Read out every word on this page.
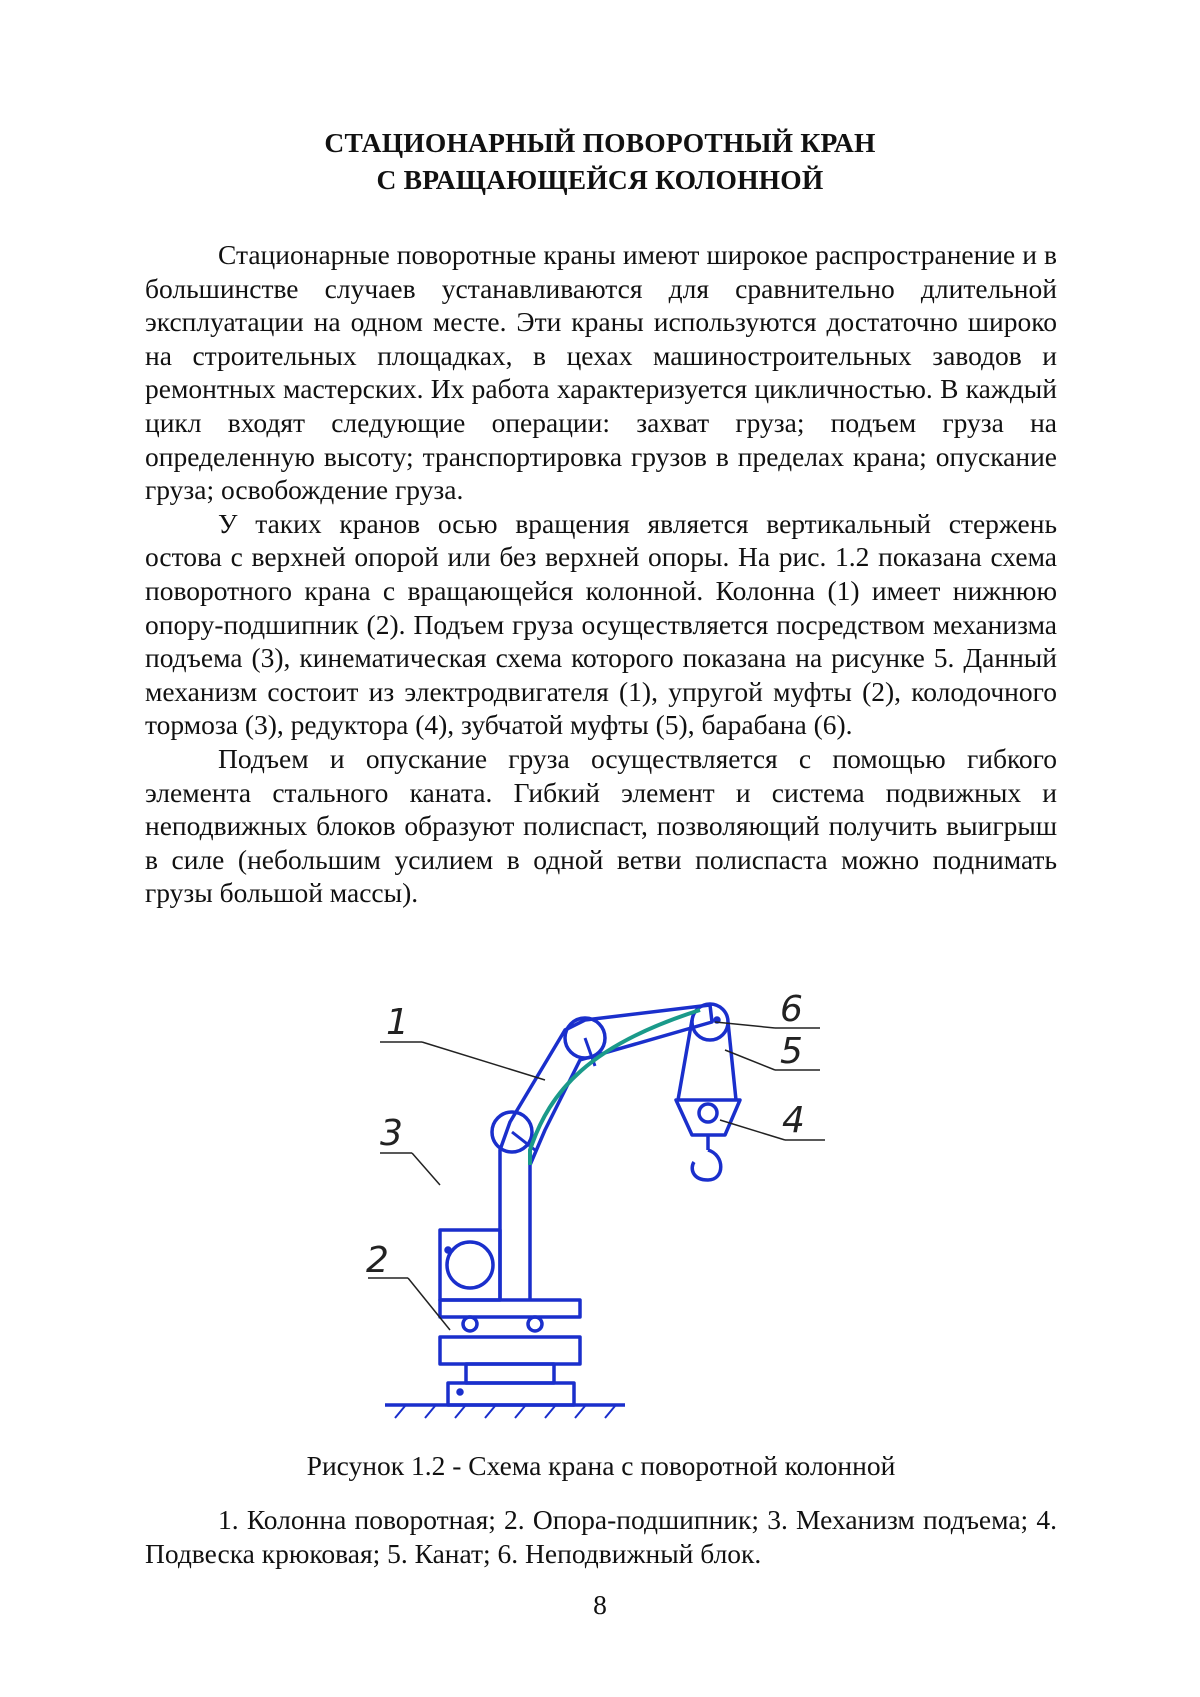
СТАЦИОНАРНЫЙ ПОВОРОТНЫЙ КРАН
С ВРАЩАЮЩЕЙСЯ КОЛОННОЙ

Стационарные поворотные краны имеют широкое распространение и в большинстве случаев устанавливаются для сравнительно длительной эксплуатации на одном месте. Эти краны используются достаточно широко на строительных площадках, в цехах машиностроительных заводов и ремонтных мастерских. Их работа характеризуется цикличностью. В каждый цикл входят следующие операции: захват груза; подъем груза на определенную высоту; транспортировка грузов в пределах крана; опускание груза; освобождение груза.

У таких кранов осью вращения является вертикальный стержень остова с верхней опорой или без верхней опоры. На рис. 1.2 показана схема поворотного крана с вращающейся колонной. Колонна (1) имеет нижнюю опору-подшипник (2). Подъем груза осуществляется посредством механизма подъема (3), кинематическая схема которого показана на рисунке 5. Данный механизм состоит из электродвигателя (1), упругой муфты (2), колодочного тормоза (3), редуктора (4), зубчатой муфты (5), барабана (6).

Подъем и опускание груза осуществляется с помощью гибкого элемента стального каната. Гибкий элемент и система подвижных и неподвижных блоков образуют полиспаст, позволяющий получить выигрыш в силе (небольшим усилием в одной ветви полиспаста можно поднимать грузы большой массы).

1
2
3	4
5
6
Рисунок 1.2 - Схема крана с поворотной колонной

1. Колонна поворотная; 2. Опора-подшипник; 3. Механизм подъема; 4. Подвеска крюковая; 5. Канат; 6. Неподвижный блок.

8
